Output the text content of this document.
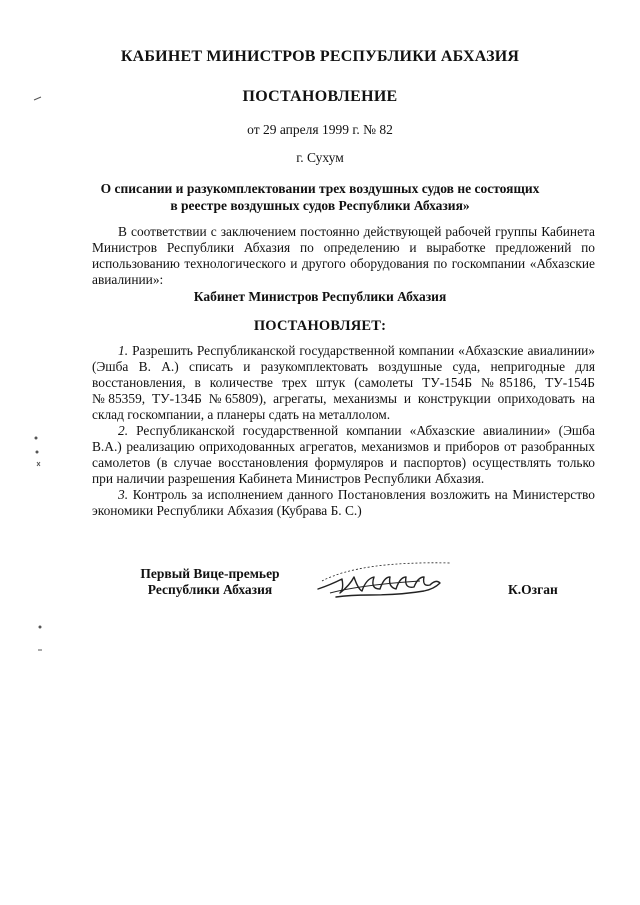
КАБИНЕТ МИНИСТРОВ РЕСПУБЛИКИ АБХАЗИЯ
ПОСТАНОВЛЕНИЕ
от 29 апреля 1999 г. № 82
г. Сухум
О списании и разукомплектовании трех воздушных судов не состоящих
в реестре воздушных судов Республики Абхазия»
В соответствии с заключением постоянно действующей рабочей группы Кабинета Министров Республики Абхазия по определению и выработке предложений по использованию технологического и другого оборудования по госкомпании «Абхазские авиалинии»:
Кабинет Министров Республики Абхазия
ПОСТАНОВЛЯЕТ:

1. Разрешить Республиканской государственной компании «Абхазские авиалинии» (Эшба В. А.) списать и разукомплектовать воздушные суда, непригодные для восстановления, в количестве трех штук (самолеты ТУ-154Б №85186, ТУ-154Б №85359, ТУ-134Б №65809), агрегаты, механизмы и конструкции оприходовать на склад госкомпании, а планеры сдать на металлолом.

2. Республиканской государственной компании «Абхазские авиалинии» (Эшба В.А.) реализацию оприходованных агрегатов, механизмов и приборов от разобранных самолетов (в случае восстановления формуляров и паспортов) осуществлять только при наличии разрешения Кабинета Министров Республики Абхазия.

3. Контроль за исполнением данного Постановления возложить на Министерство экономики Республики Абхазия (Кубрава Б. С.)

Первый Вице-премьер
Республики Абхазия	К.Озган
